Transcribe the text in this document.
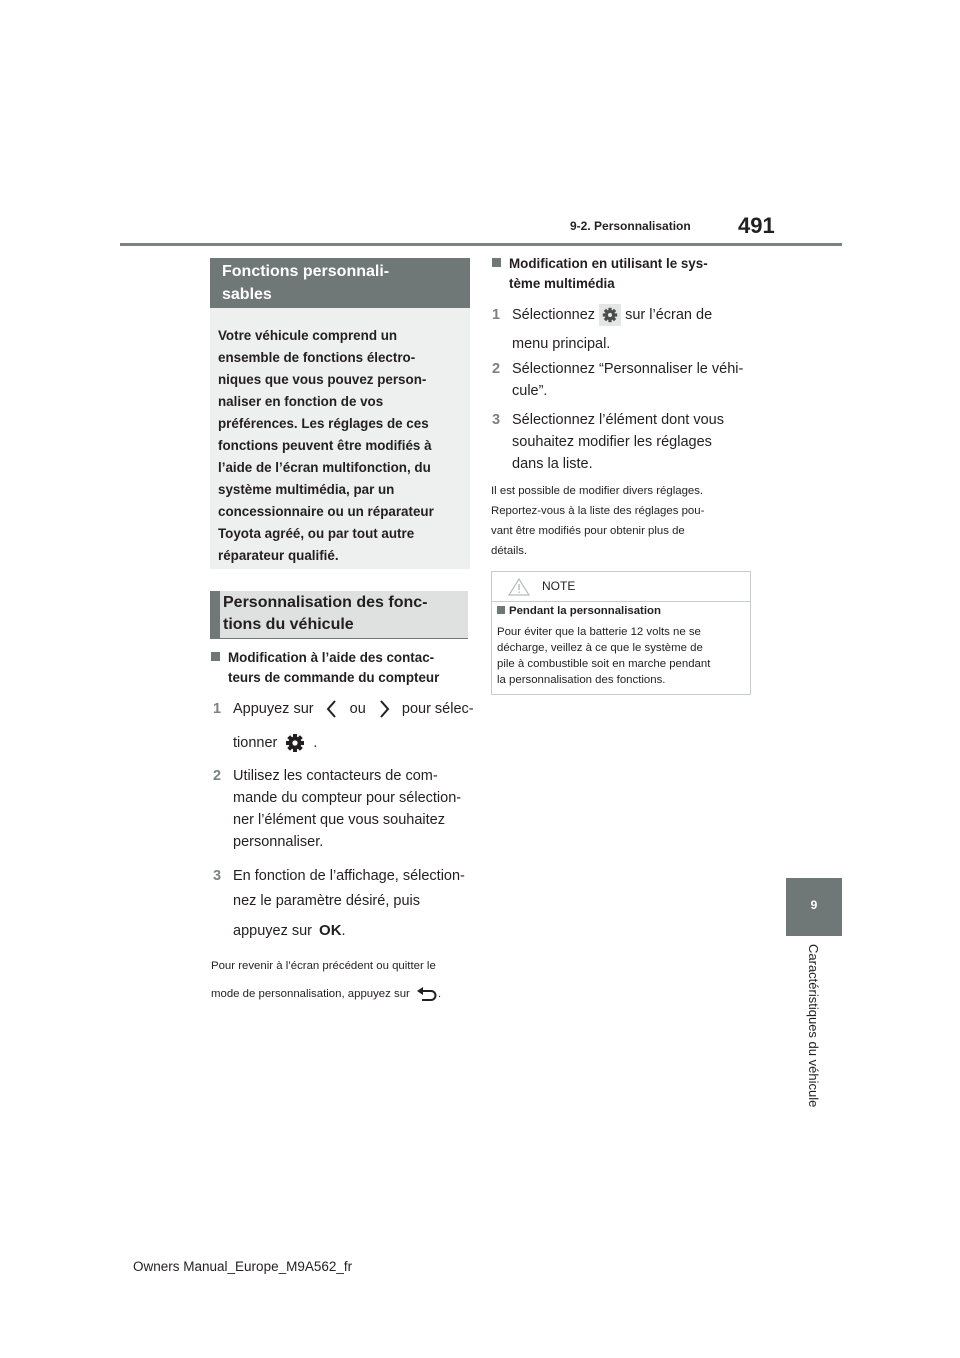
9-2. Personnalisation 491
9
Caractéristiques du véhicule
Fonctions personnali-
sables

Votre véhicule comprend un
ensemble de fonctions électro-
niques que vous pouvez person-
naliser en fonction de vos
préférences. Les réglages de ces
fonctions peuvent être modifiés à
l’aide de l’écran multifonction, du
système multimédia, par un
concessionnaire ou un réparateur
Toyota agréé, ou par tout autre
réparateur qualifié.

Personnalisation des fonc-
tions du véhicule
Modification à l’aide des contac-
teurs de commande du compteur
1 Appuyez sur ou pour sélec-
tionner .
2 Utilisez les contacteurs de com-
mande du compteur pour sélection-
ner l’élément que vous souhaitez
personnaliser.
3 En fonction de l’affichage, sélection-
nez le paramètre désiré, puis
appuyez sur OK.
Pour revenir à l’écran précédent ou quitter le
mode de personnalisation, appuyez sur .
Modification en utilisant le sys-
tème multimédia
1 Sélectionnez sur l’écran de
menu principal.
2 Sélectionnez “Personnaliser le véhi-
cule”.
3 Sélectionnez l’élément dont vous
souhaitez modifier les réglages
dans la liste.
Il est possible de modifier divers réglages.
Reportez-vous à la liste des réglages pou-
vant être modifiés pour obtenir plus de
détails.
NOTE
Pendant la personnalisation
Pour éviter que la batterie 12 volts ne se
décharge, veillez à ce que le système de
pile à combustible soit en marche pendant
la personnalisation des fonctions.
Owners Manual_Europe_M9A562_fr
